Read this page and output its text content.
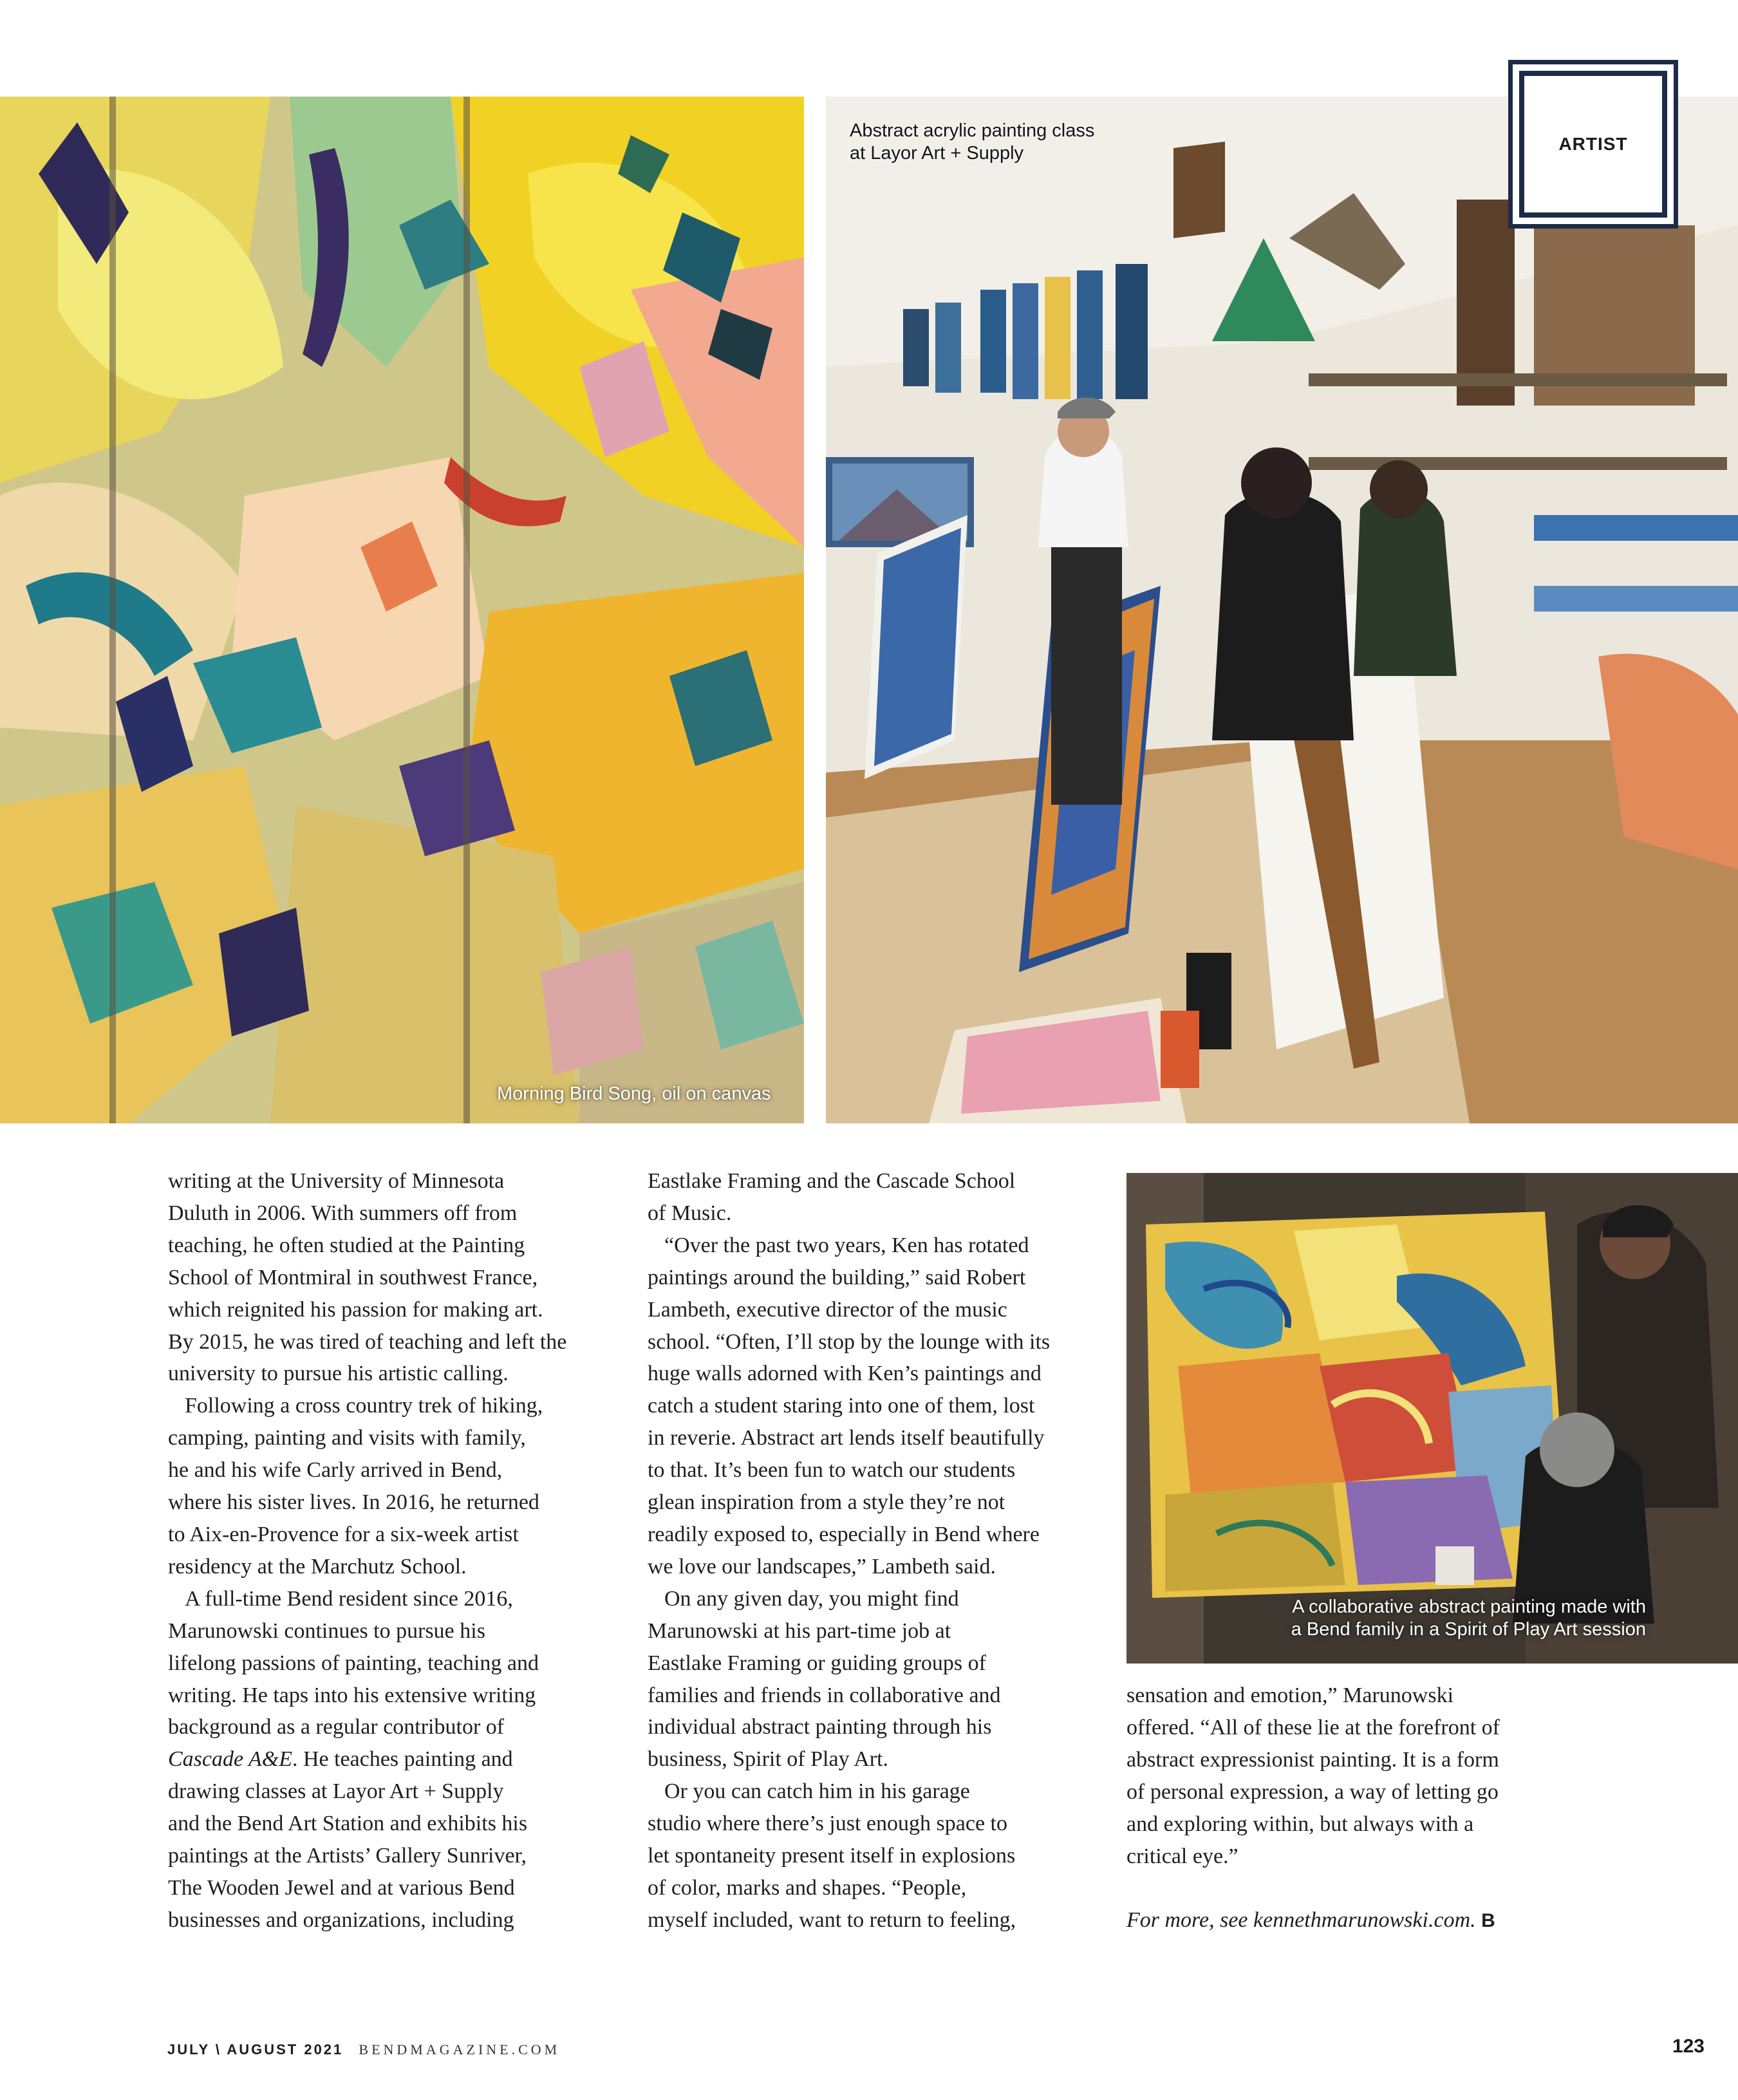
Morning Bird Song, oil on canvas
Abstract acrylic painting class
at Layor Art + Supply	ARTIST
A collaborative abstract painting made with
a Bend family in a Spirit of Play Art session

writing at the University of Minnesota

Duluth in 2006. With summers off from

teaching, he often studied at the Painting

School of Montmiral in southwest France,

which reignited his passion for making art.

By 2015, he was tired of teaching and left the

university to pursue his artistic calling.

Following a cross country trek of hiking,

camping, painting and visits with family,

he and his wife Carly arrived in Bend,

where his sister lives. In 2016, he returned

to Aix-en-Provence for a six-week artist

residency at the Marchutz School.

A full-time Bend resident since 2016,

Marunowski continues to pursue his

lifelong passions of painting, teaching and

writing. He taps into his extensive writing

background as a regular contributor of

Cascade A&E. He teaches painting and

drawing classes at Layor Art + Supply

and the Bend Art Station and exhibits his

paintings at the Artists’ Gallery Sunriver,

The Wooden Jewel and at various Bend

businesses and organizations, including

Eastlake Framing and the Cascade School

of Music.

“Over the past two years, Ken has rotated

paintings around the building,” said Robert

Lambeth, executive director of the music

school. “Often, I’ll stop by the lounge with its

huge walls adorned with Ken’s paintings and

catch a student staring into one of them, lost

in reverie. Abstract art lends itself beautifully

to that. It’s been fun to watch our students

glean inspiration from a style they’re not

readily exposed to, especially in Bend where

we love our landscapes,” Lambeth said.

On any given day, you might find

Marunowski at his part-time job at

Eastlake Framing or guiding groups of

families and friends in collaborative and

individual abstract painting through his

business, Spirit of Play Art.

Or you can catch him in his garage

studio where there’s just enough space to

let spontaneity present itself in explosions

of color, marks and shapes. “People,

myself included, want to return to feeling,

sensation and emotion,” Marunowski

offered. “All of these lie at the forefront of

abstract expressionist painting. It is a form

of personal expression, a way of letting go

and exploring within, but always with a

critical eye.”

For more, see kennethmarunowski.com. B

JULY \ AUGUST 2021 BENDMAGAZINE.COM	123
